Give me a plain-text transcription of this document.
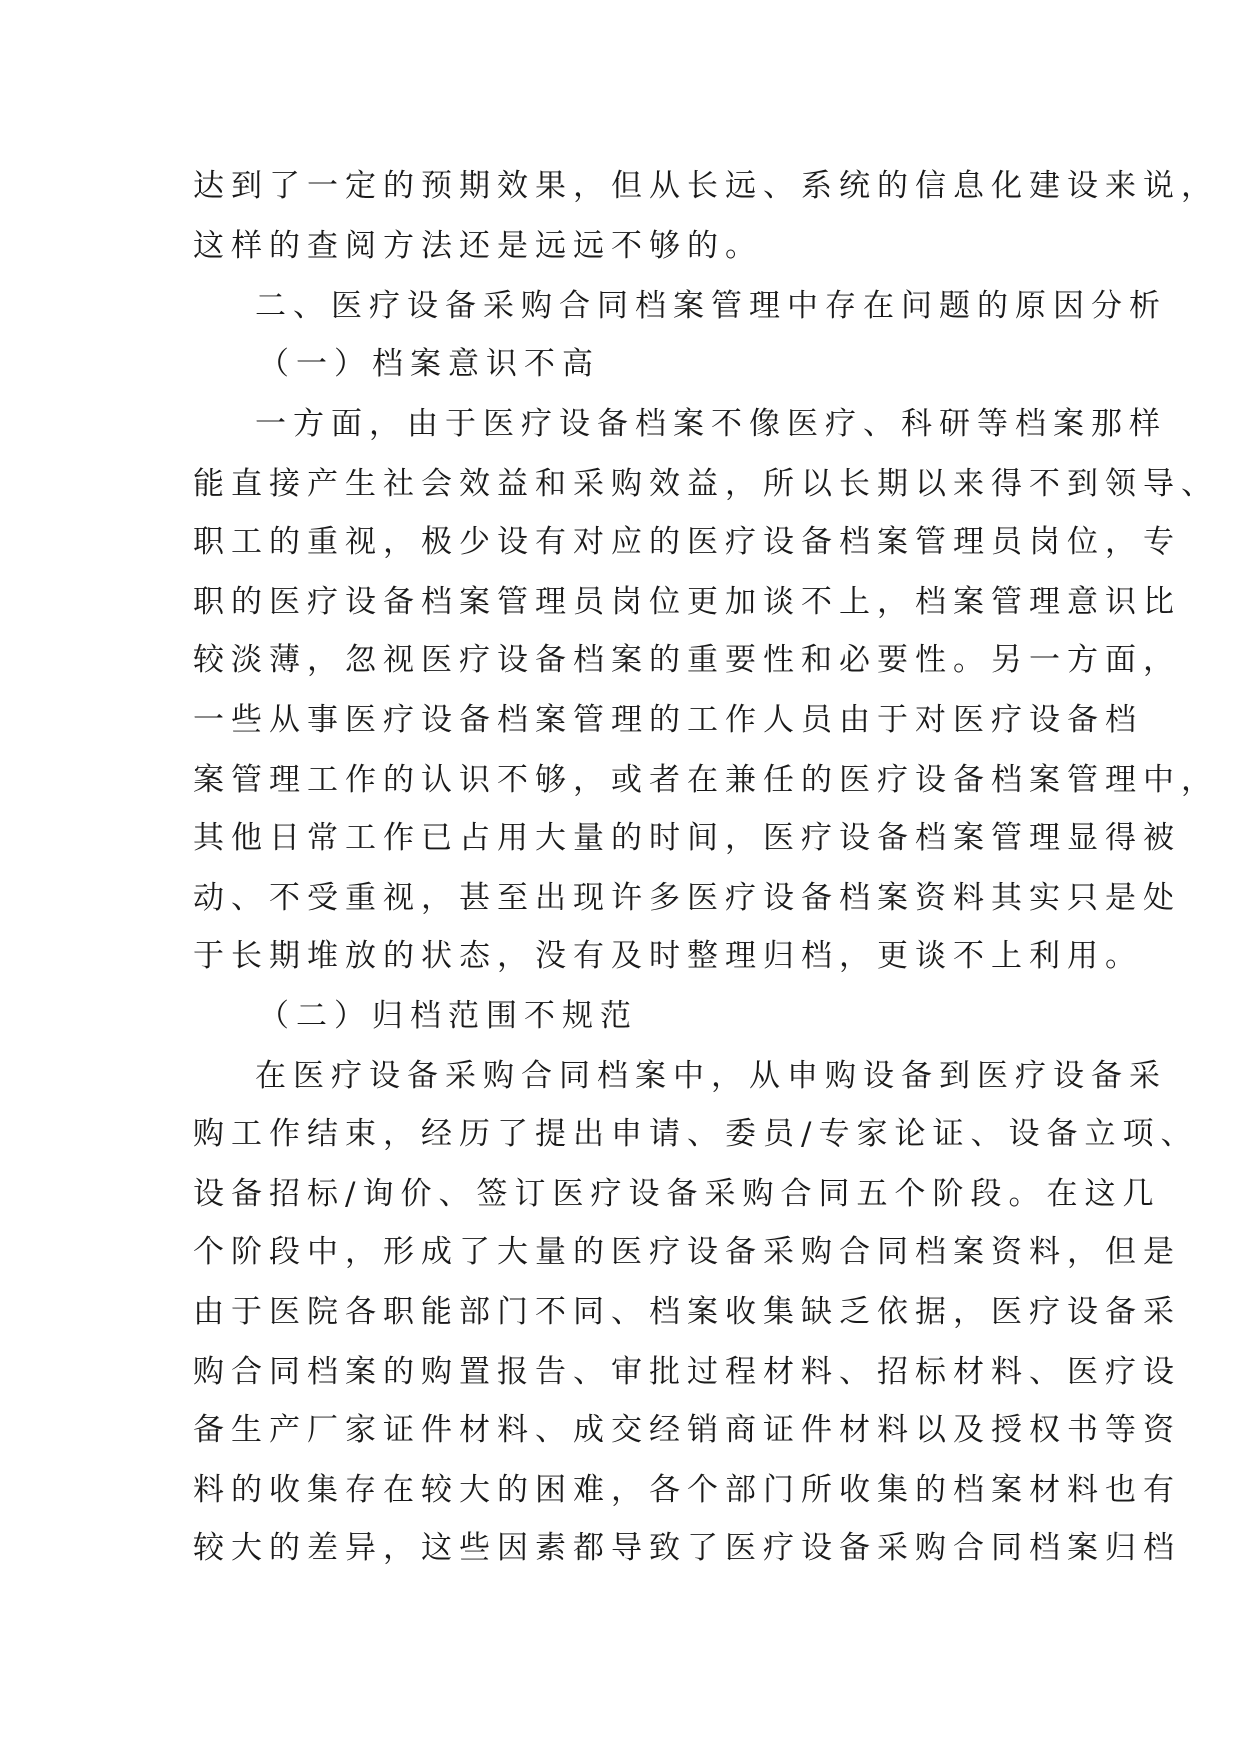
达到了一定的预期效果，但从长远、系统的信息化建设来说，
这样的查阅方法还是远远不够的。
二、医疗设备采购合同档案管理中存在问题的原因分析
（一）档案意识不高
一方面，由于医疗设备档案不像医疗、科研等档案那样
能直接产生社会效益和采购效益，所以长期以来得不到领导、
职工的重视，极少设有对应的医疗设备档案管理员岗位，专
职的医疗设备档案管理员岗位更加谈不上，档案管理意识比
较淡薄，忽视医疗设备档案的重要性和必要性。另一方面，
一些从事医疗设备档案管理的工作人员由于对医疗设备档
案管理工作的认识不够，或者在兼任的医疗设备档案管理中，
其他日常工作已占用大量的时间，医疗设备档案管理显得被
动、不受重视，甚至出现许多医疗设备档案资料其实只是处
于长期堆放的状态，没有及时整理归档，更谈不上利用。
（二）归档范围不规范
在医疗设备采购合同档案中，从申购设备到医疗设备采
购工作结束，经历了提出申请、委员/专家论证、设备立项、
设备招标/询价、签订医疗设备采购合同五个阶段。在这几
个阶段中，形成了大量的医疗设备采购合同档案资料，但是
由于医院各职能部门不同、档案收集缺乏依据，医疗设备采
购合同档案的购置报告、审批过程材料、招标材料、医疗设
备生产厂家证件材料、成交经销商证件材料以及授权书等资
料的收集存在较大的困难，各个部门所收集的档案材料也有
较大的差异，这些因素都导致了医疗设备采购合同档案归档
